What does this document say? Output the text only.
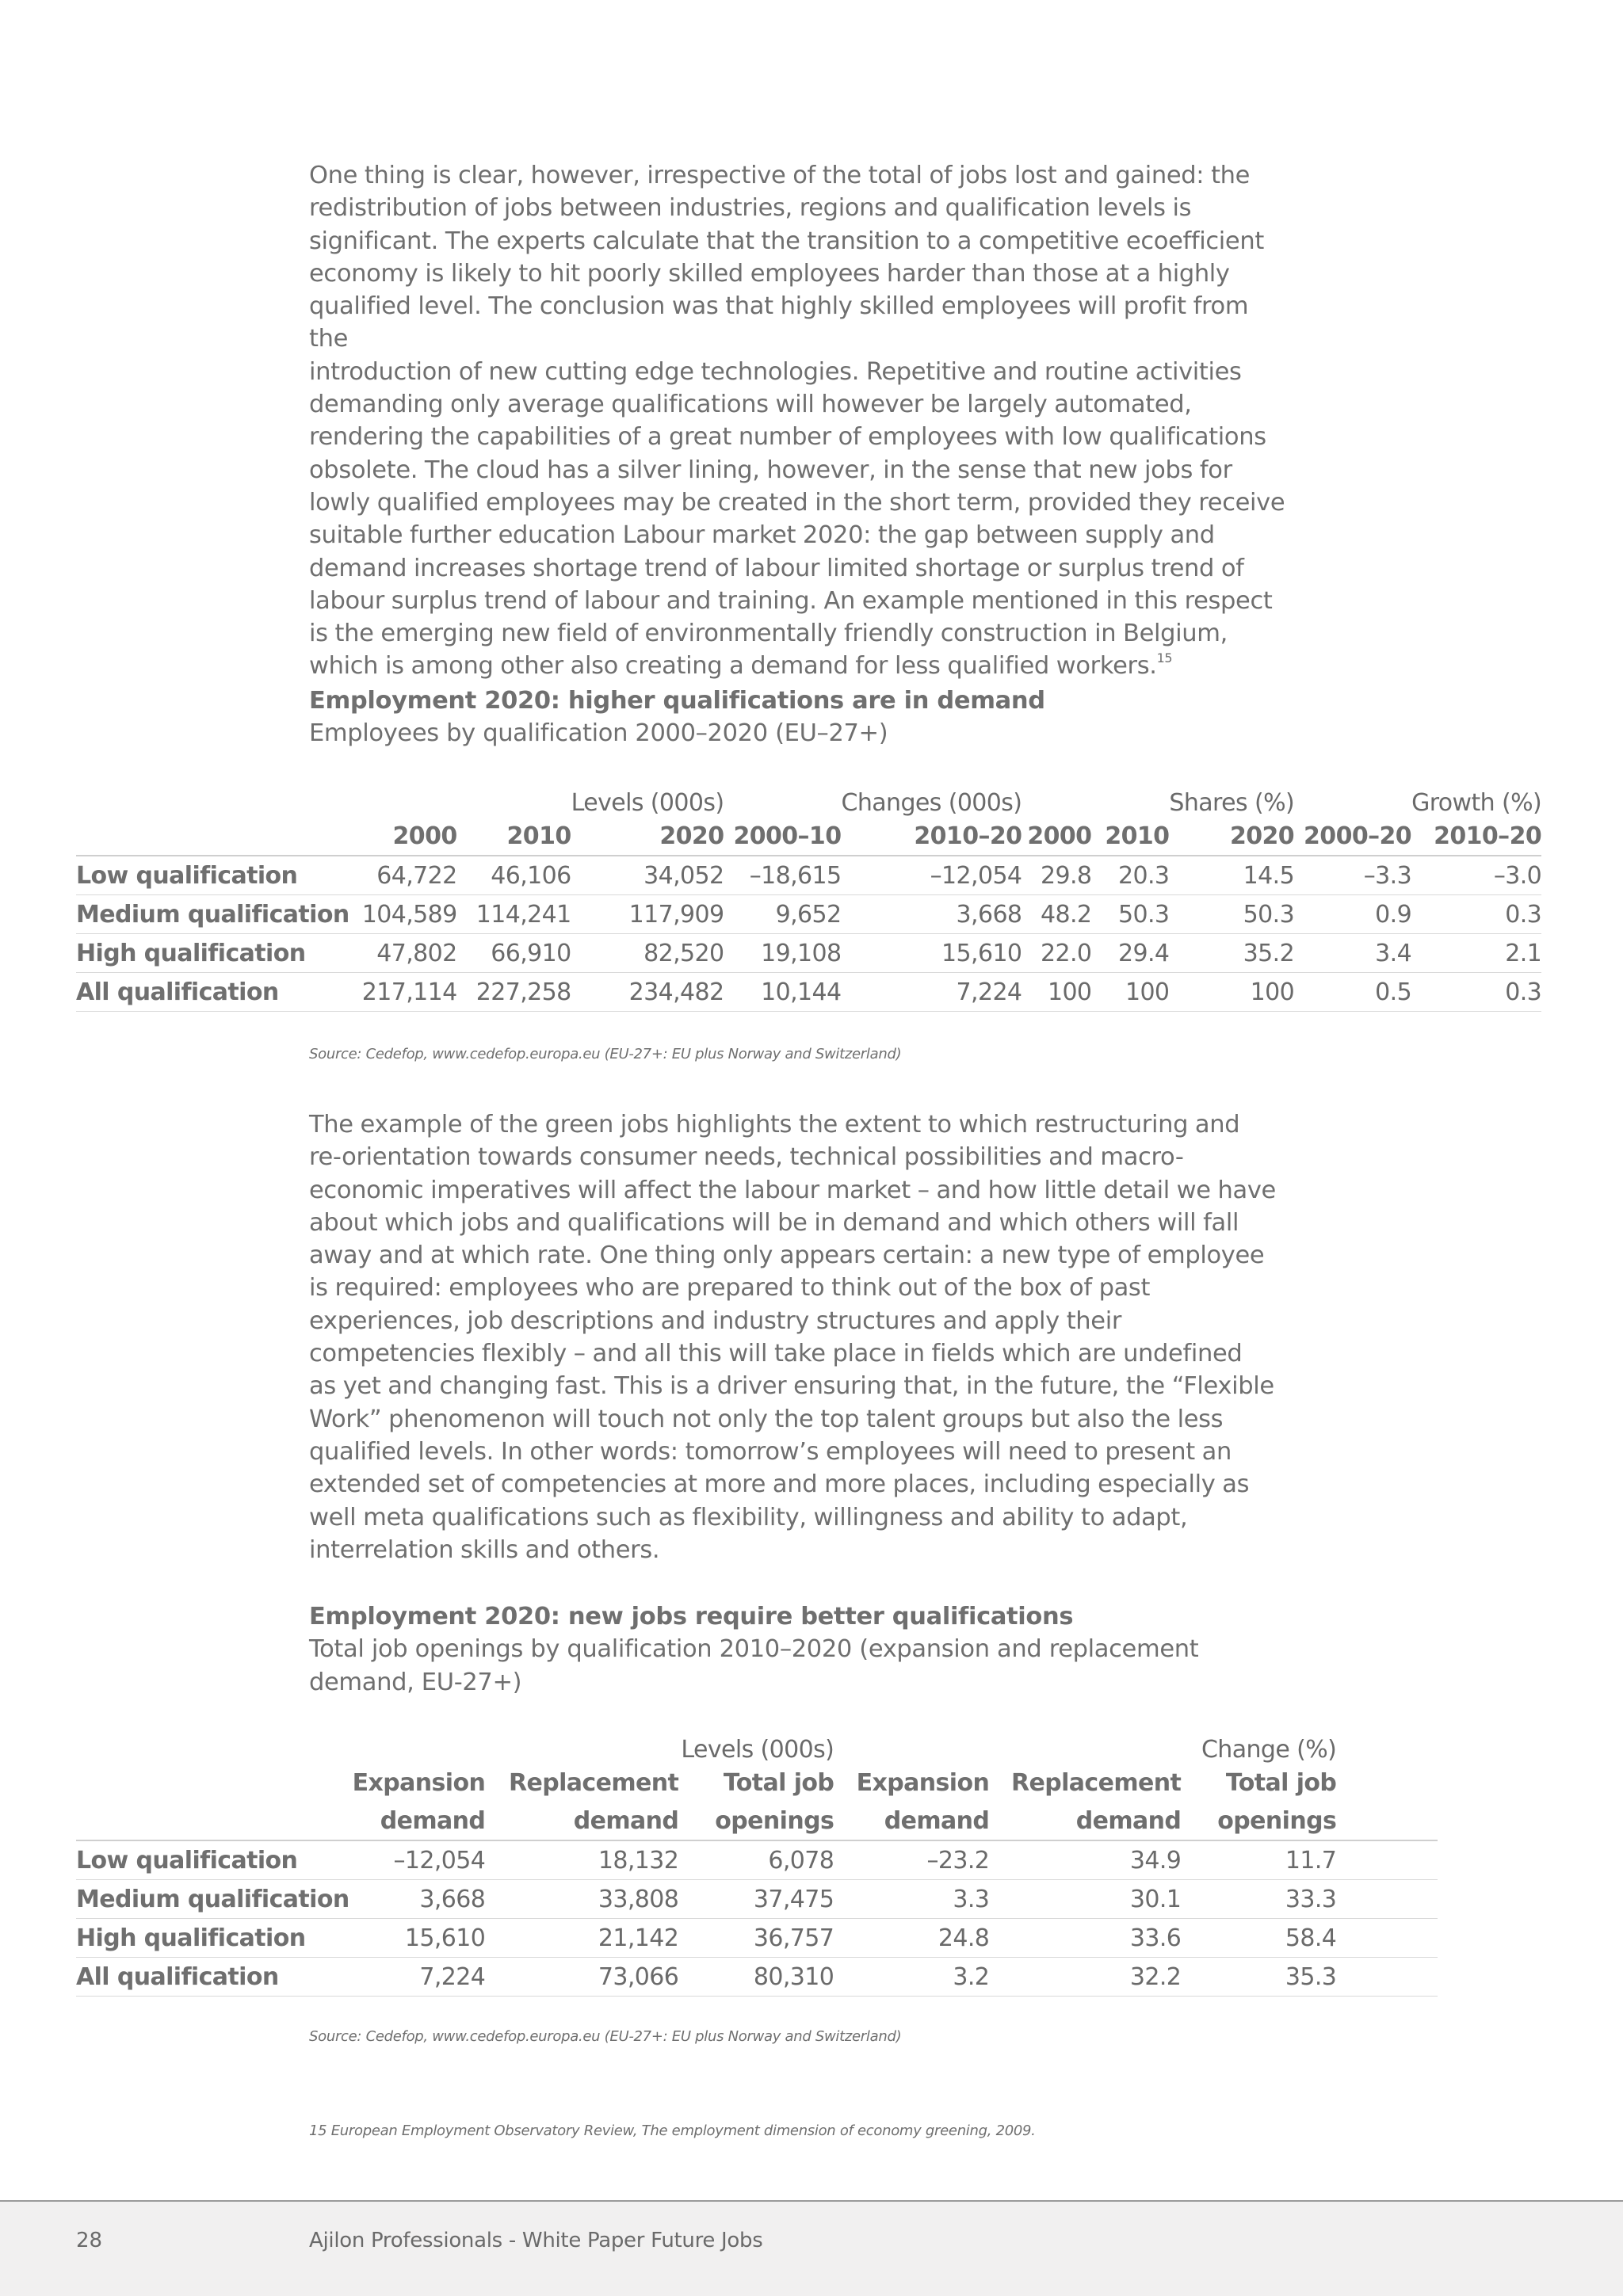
One thing is clear, however, irrespective of the total of jobs lost and gained: the
redistribution of jobs between industries, regions and qualification levels is
significant. The experts calculate that the transition to a competitive ecoefficient
economy is likely to hit poorly skilled employees harder than those at a highly
qualified level. The conclusion was that highly skilled employees will profit from the
introduction of new cutting edge technologies. Repetitive and routine activities
demanding only average qualifications will however be largely automated,
rendering the capabilities of a great number of employees with low qualifications
obsolete. The cloud has a silver lining, however, in the sense that new jobs for
lowly qualified employees may be created in the short term, provided they receive
suitable further education Labour market 2020: the gap between supply and
demand increases shortage trend of labour limited shortage or surplus trend of
labour surplus trend of labour and training. An example mentioned in this respect
is the emerging new field of environmentally friendly construction in Belgium,
which is among other also creating a demand for less qualified workers.$^{15}$

Employment 2020: higher qualifications are in demand
Employees by qualification 2000–2020 (EU–27+)
			Levels (000s)		Changes (000s)			Shares (%)		Growth (%)
	2000	2010	2020	2000–10	2010–20	2000	2010	2020	2000–20	2010–20
Low qualification	64,722	46,106	34,052	–18,615	–12,054	29.8	20.3	14.5	–3.3	–3.0
Medium qualification	104,589	114,241	117,909	9,652	3,668	48.2	50.3	50.3	0.9	0.3
High qualification	47,802	66,910	82,520	19,108	15,610	22.0	29.4	35.2	3.4	2.1
All qualification	217,114	227,258	234,482	10,144	7,224	100	100	100	0.5	0.3
Source: Cedefop, www.cedefop.europa.eu (EU-27+: EU plus Norway and Switzerland)

The example of the green jobs highlights the extent to which restructuring and
re-orientation towards consumer needs, technical possibilities and macro-
economic imperatives will affect the labour market – and how little detail we have
about which jobs and qualifications will be in demand and which others will fall
away and at which rate. One thing only appears certain: a new type of employee
is required: employees who are prepared to think out of the box of past
experiences, job descriptions and industry structures and apply their
competencies flexibly – and all this will take place in fields which are undefined
as yet and changing fast. This is a driver ensuring that, in the future, the “Flexible
Work” phenomenon will touch not only the top talent groups but also the less
qualified levels. In other words: tomorrow’s employees will need to present an
extended set of competencies at more and more places, including especially as
well meta qualifications such as flexibility, willingness and ability to adapt,
interrelation skills and others.

Employment 2020: new jobs require better qualifications
Total job openings by qualification 2010–2020 (expansion and replacement
demand, EU-27+)
			Levels (000s)			Change (%)	
	Expansion	Replacement	Total job	Expansion	Replacement	Total job	
	demand	demand	openings	demand	demand	openings	
Low qualification	–12,054	18,132	6,078	–23.2	34.9	11.7	
Medium qualification	3,668	33,808	37,475	3.3	30.1	33.3	
High qualification	15,610	21,142	36,757	24.8	33.6	58.4	
All qualification	7,224	73,066	80,310	3.2	32.2	35.3	
Source: Cedefop, www.cedefop.europa.eu (EU-27+: EU plus Norway and Switzerland)
15 European Employment Observatory Review, The employment dimension of economy greening, 2009.
28	Ajilon Professionals - White Paper Future Jobs
